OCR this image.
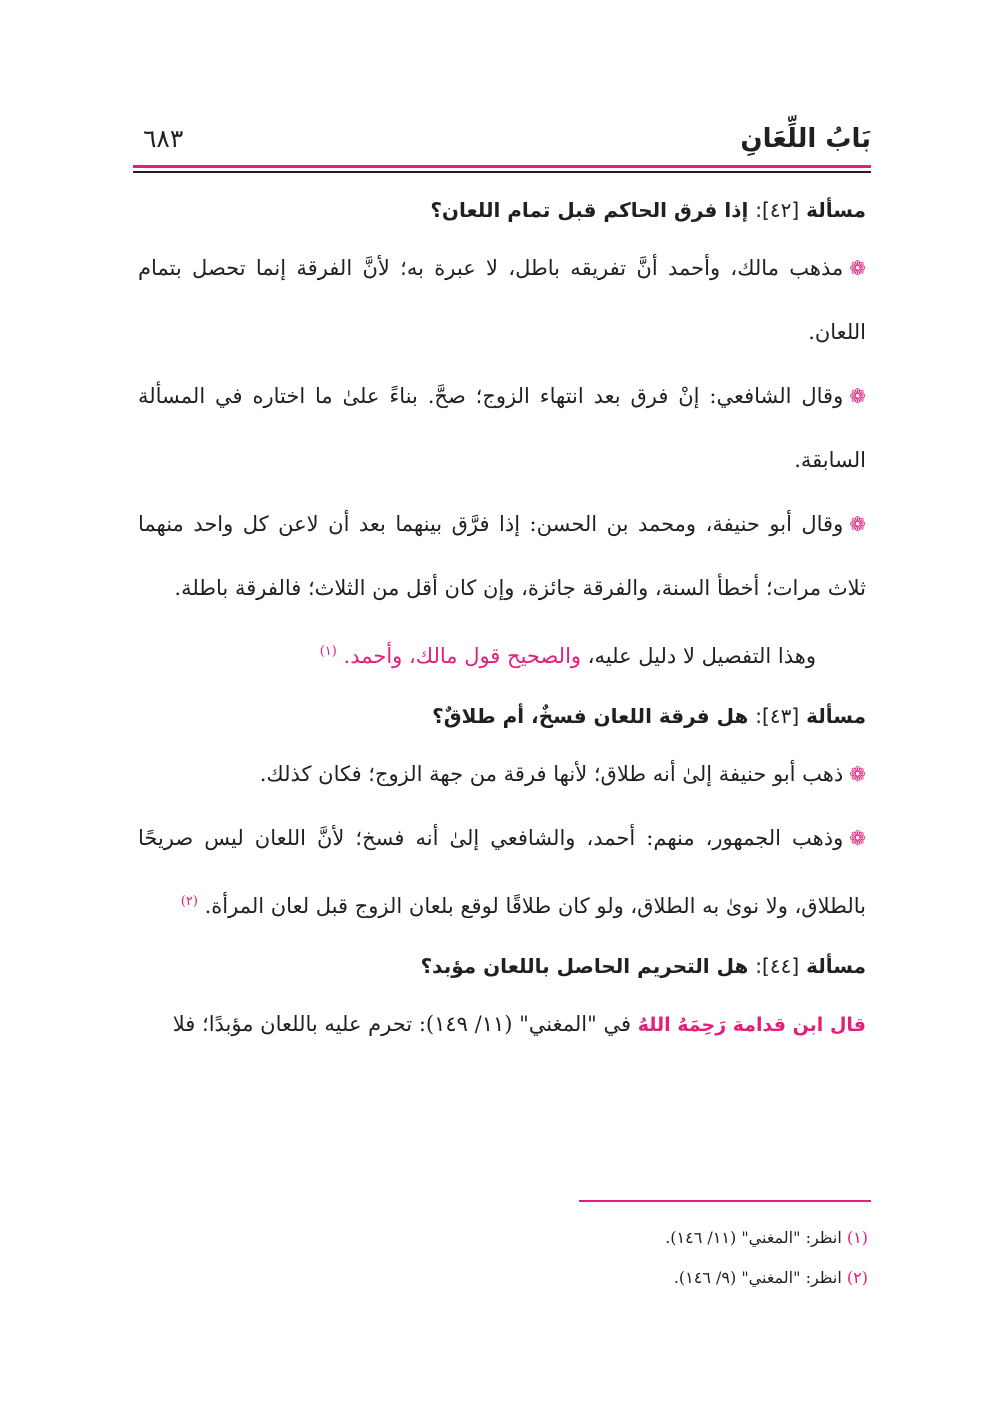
بَابُ اللِّعَانِ
٦٨٣

مسألة [٤٢]: إذا فرق الحاكم قبل تمام اللعان؟

❁مذهب مالك، وأحمد أنَّ تفريقه باطل، لا عبرة به؛ لأنَّ الفرقة إنما تحصل بتمام اللعان.

❁وقال الشافعي: إنْ فرق بعد انتهاء الزوج؛ صحَّ. بناءً علىٰ ما اختاره في المسألة السابقة.

❁وقال أبو حنيفة، ومحمد بن الحسن: إذا فرَّق بينهما بعد أن لاعن كل واحد منهما ثلاث مرات؛ أخطأ السنة، والفرقة جائزة، وإن كان أقل من الثلاث؛ فالفرقة باطلة.

وهذا التفصيل لا دليل عليه، والصحيح قول مالك، وأحمد. $^{(١)}$

مسألة [٤٣]: هل فرقة اللعان فسخٌ، أم طلاقٌ؟

❁ذهب أبو حنيفة إلىٰ أنه طلاق؛ لأنها فرقة من جهة الزوج؛ فكان كذلك.

❁وذهب الجمهور، منهم: أحمد، والشافعي إلىٰ أنه فسخ؛ لأنَّ اللعان ليس صريحًا بالطلاق، ولا نوىٰ به الطلاق، ولو كان طلاقًا لوقع بلعان الزوج قبل لعان المرأة. $^{(٢)}$

مسألة [٤٤]: هل التحريم الحاصل باللعان مؤبد؟

قال ابن قدامة رَحِمَهُ اللهُ في "المغني" (١١/ ١٤٩): تحرم عليه باللعان مؤبدًا؛ فلا

(١) انظر: "المغني" (١١/ ١٤٦).
(٢) انظر: "المغني" (٩/ ١٤٦).
